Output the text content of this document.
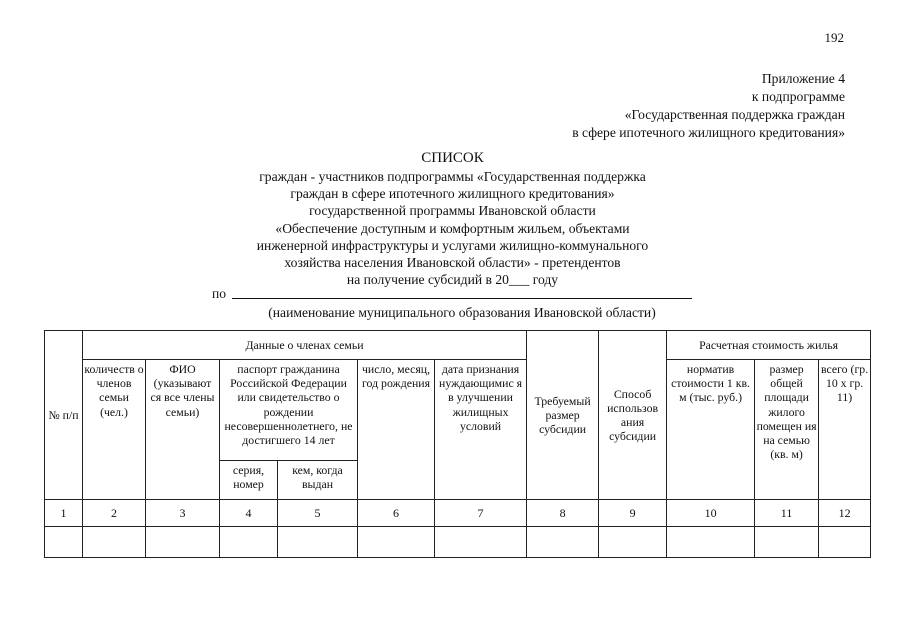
192
Приложение 4
к подпрограмме
«Государственная поддержка граждан
в сфере ипотечного жилищного кредитования»
СПИСОК
граждан - участников подпрограммы «Государственная поддержка
граждан в сфере ипотечного жилищного кредитования»
государственной программы Ивановской области
«Обеспечение доступным и комфортным жильем, объектами
инженерной инфраструктуры и услугами жилищно-коммунального
хозяйства населения Ивановской области» - претендентов
на получение субсидий в 20___ году
по
(наименование муниципального образования Ивановской области)
№ п/п	Данные о членах семьи						Требуемый размер субсидии	Способ использов ания субсидии	Расчетная стоимость жилья		
	количеств о членов семьи (чел.)	ФИО (указывают ся все члены семьи)	паспорт гражданина Российской Федерации или свидетельство о рождении несовершеннолетнего, не достигшего 14 лет		число, месяц, год рождения	дата признания нуждающимис я в улучшении жилищных условий			норматив стоимости 1 кв. м (тыс. руб.)	размер общей площади жилого помещен ия на семью (кв. м)	всего (гр. 10 x гр. 11)
			серия, номер	кем, когда выдан							
1	2	3	4	5	6	7	8	9	10	11	12
